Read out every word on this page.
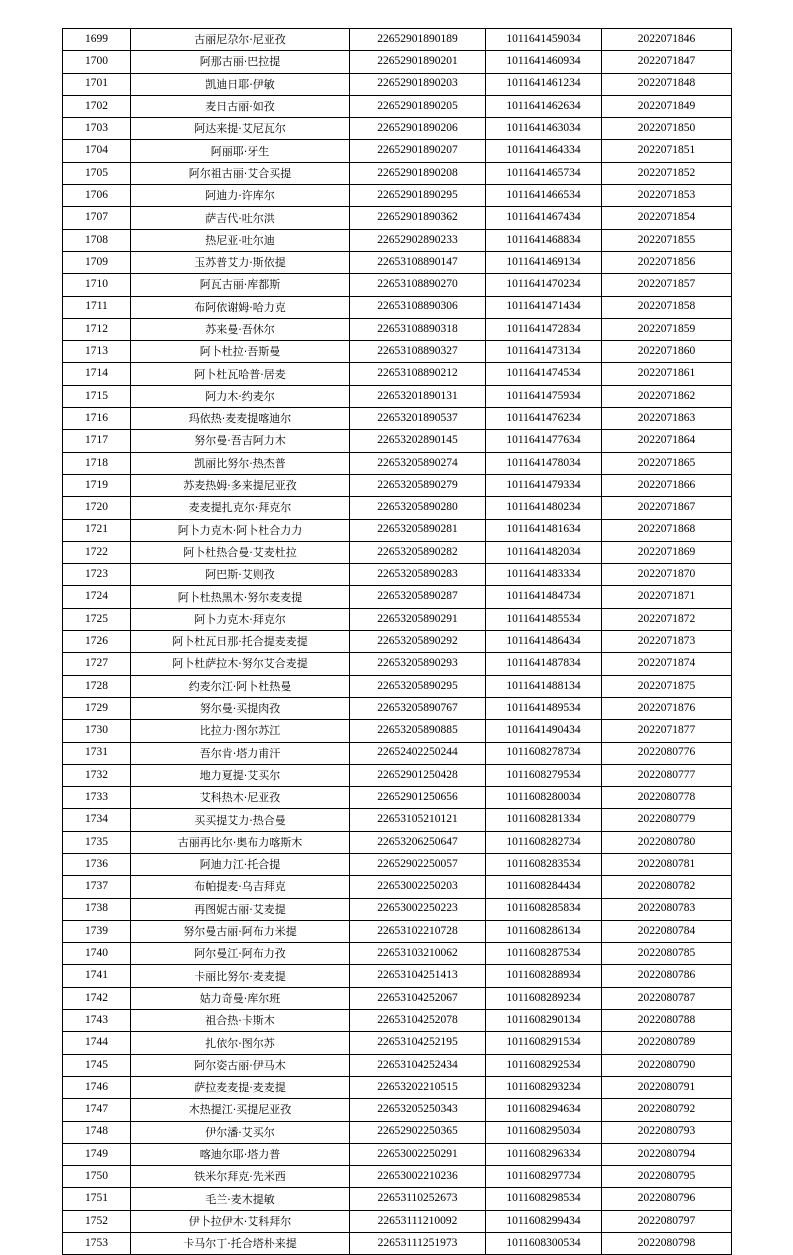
1699	古丽尼尕尔·尼亚孜	22652901890189	1011641459034	2022071846
1700	阿那古丽·巴拉提	22652901890201	1011641460934	2022071847
1701	凯迪日耶·伊敏	22652901890203	1011641461234	2022071848
1702	麦日古丽·如孜	22652901890205	1011641462634	2022071849
1703	阿达来提·艾尼瓦尔	22652901890206	1011641463034	2022071850
1704	阿丽耶·牙生	22652901890207	1011641464334	2022071851
1705	阿尔祖古丽·艾合买提	22652901890208	1011641465734	2022071852
1706	阿迪力·许库尔	22652901890295	1011641466534	2022071853
1707	萨吉代·吐尔洪	22652901890362	1011641467434	2022071854
1708	热尼亚·吐尔迪	22652902890233	1011641468834	2022071855
1709	玉苏普艾力·斯依提	22653108890147	1011641469134	2022071856
1710	阿瓦古丽·库都斯	22653108890270	1011641470234	2022071857
1711	布阿依谢姆·哈力克	22653108890306	1011641471434	2022071858
1712	苏来曼·吾休尔	22653108890318	1011641472834	2022071859
1713	阿卜杜拉·吾斯曼	22653108890327	1011641473134	2022071860
1714	阿卜杜瓦哈普·居麦	22653108890212	1011641474534	2022071861
1715	阿力木·约麦尔	22653201890131	1011641475934	2022071862
1716	玛依热·麦麦提喀迪尔	22653201890537	1011641476234	2022071863
1717	努尔曼·吾吉阿力木	22653202890145	1011641477634	2022071864
1718	凯丽比努尔·热杰普	22653205890274	1011641478034	2022071865
1719	苏麦热姆·多来提尼亚孜	22653205890279	1011641479334	2022071866
1720	麦麦提扎克尔·拜克尔	22653205890280	1011641480234	2022071867
1721	阿卜力克木·阿卜杜合力力	22653205890281	1011641481634	2022071868
1722	阿卜杜热合曼·艾麦杜拉	22653205890282	1011641482034	2022071869
1723	阿巴斯·艾则孜	22653205890283	1011641483334	2022071870
1724	阿卜杜热黑木·努尔麦麦提	22653205890287	1011641484734	2022071871
1725	阿卜力克木·拜克尔	22653205890291	1011641485534	2022071872
1726	阿卜杜瓦日那·托合提麦麦提	22653205890292	1011641486434	2022071873
1727	阿卜杜萨拉木·努尔艾合麦提	22653205890293	1011641487834	2022071874
1728	约麦尔江·阿卜杜热曼	22653205890295	1011641488134	2022071875
1729	努尔曼·买提肉孜	22653205890767	1011641489534	2022071876
1730	比拉力·图尔苏江	22653205890885	1011641490434	2022071877
1731	吾尔肯·塔力甫汗	22652402250244	1011608278734	2022080776
1732	地力夏提·艾买尔	22652901250428	1011608279534	2022080777
1733	艾科热木·尼亚孜	22652901250656	1011608280034	2022080778
1734	买买提艾力·热合曼	22653105210121	1011608281334	2022080779
1735	古丽再比尔·奥布力喀斯木	22653206250647	1011608282734	2022080780
1736	阿迪力江·托合提	22652902250057	1011608283534	2022080781
1737	布帕提麦·乌吉拜克	22653002250203	1011608284434	2022080782
1738	再图妮古丽·艾麦提	22653002250223	1011608285834	2022080783
1739	努尔曼古丽·阿布力米提	22653102210728	1011608286134	2022080784
1740	阿尔曼江·阿布力孜	22653103210062	1011608287534	2022080785
1741	卡丽比努尔·麦麦提	22653104251413	1011608288934	2022080786
1742	姑力奇曼·库尔班	22653104252067	1011608289234	2022080787
1743	祖合热·卡斯木	22653104252078	1011608290134	2022080788
1744	扎依尔·图尔苏	22653104252195	1011608291534	2022080789
1745	阿尔姿古丽·伊马木	22653104252434	1011608292534	2022080790
1746	萨拉麦麦提·麦麦提	22653202210515	1011608293234	2022080791
1747	木热提江·买提尼亚孜	22653205250343	1011608294634	2022080792
1748	伊尔潘·艾买尔	22652902250365	1011608295034	2022080793
1749	喀迪尔耶·塔力普	22653002250291	1011608296334	2022080794
1750	铁米尔拜克·先米西	22653002210236	1011608297734	2022080795
1751	毛兰·麦木提敏	22653110252673	1011608298534	2022080796
1752	伊卜拉伊木·艾科拜尔	22653111210092	1011608299434	2022080797
1753	卡马尔丁·托合塔朴来提	22653111251973	1011608300534	2022080798
